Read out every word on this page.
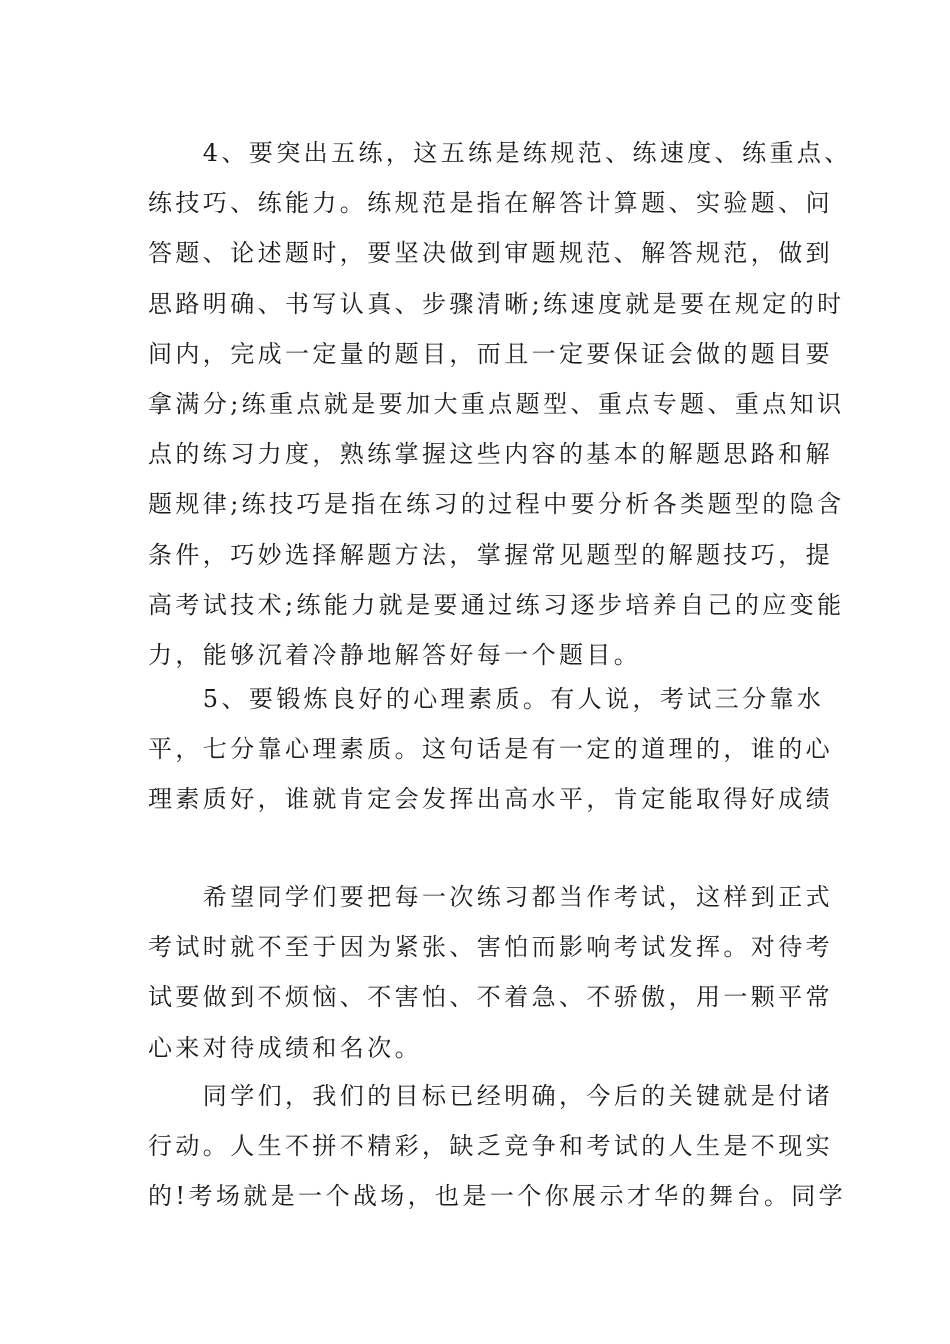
　　4、要突出五练，这五练是练规范、练速度、练重点、
练技巧、练能力。练规范是指在解答计算题、实验题、问
答题、论述题时，要坚决做到审题规范、解答规范，做到
思路明确、书写认真、步骤清晰;练速度就是要在规定的时
间内，完成一定量的题目，而且一定要保证会做的题目要
拿满分;练重点就是要加大重点题型、重点专题、重点知识
点的练习力度，熟练掌握这些内容的基本的解题思路和解
题规律;练技巧是指在练习的过程中要分析各类题型的隐含
条件，巧妙选择解题方法，掌握常见题型的解题技巧，提
高考试技术;练能力就是要通过练习逐步培养自己的应变能
力，能够沉着冷静地解答好每一个题目。
　　5、要锻炼良好的心理素质。有人说，考试三分靠水
平，七分靠心理素质。这句话是有一定的道理的，谁的心
理素质好，谁就肯定会发挥出高水平，肯定能取得好成绩
　　希望同学们要把每一次练习都当作考试，这样到正式
考试时就不至于因为紧张、害怕而影响考试发挥。对待考
试要做到不烦恼、不害怕、不着急、不骄傲，用一颗平常
心来对待成绩和名次。
　　同学们，我们的目标已经明确，今后的关键就是付诸
行动。人生不拼不精彩，缺乏竞争和考试的人生是不现实
的!考场就是一个战场，也是一个你展示才华的舞台。同学
